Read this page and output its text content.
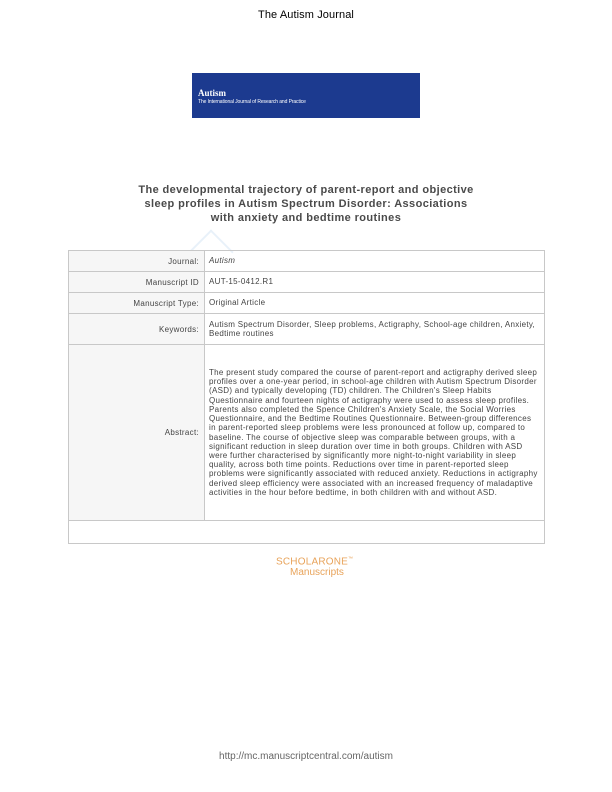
The Autism Journal
Autism
The International Journal of Research and Practice
The developmental trajectory of parent-report and objective
sleep profiles in Autism Spectrum Disorder: Associations
with anxiety and bedtime routines
Journal:	Autism
Manuscript ID	AUT-15-0412.R1
Manuscript Type:	Original Article
Keywords:	Autism Spectrum Disorder, Sleep problems, Actigraphy, School-age children, Anxiety, Bedtime routines
Abstract:	The present study compared the course of parent-report and actigraphy derived sleep profiles over a one-year period, in school-age children with Autism Spectrum Disorder (ASD) and typically developing (TD) children. The Children's Sleep Habits Questionnaire and fourteen nights of actigraphy were used to assess sleep profiles. Parents also completed the Spence Children's Anxiety Scale, the Social Worries Questionnaire, and the Bedtime Routines Questionnaire. Between-group differences in parent-reported sleep problems were less pronounced at follow up, compared to baseline. The course of objective sleep was comparable between groups, with a significant reduction in sleep duration over time in both groups. Children with ASD were further characterised by significantly more night-to-night variability in sleep quality, across both time points. Reductions over time in parent-reported sleep problems were significantly associated with reduced anxiety. Reductions in actigraphy derived sleep efficiency were associated with an increased frequency of maladaptive activities in the hour before bedtime, in both children with and without ASD.

SCHOLARONE™
Manuscripts
http://mc.manuscriptcentral.com/autism
